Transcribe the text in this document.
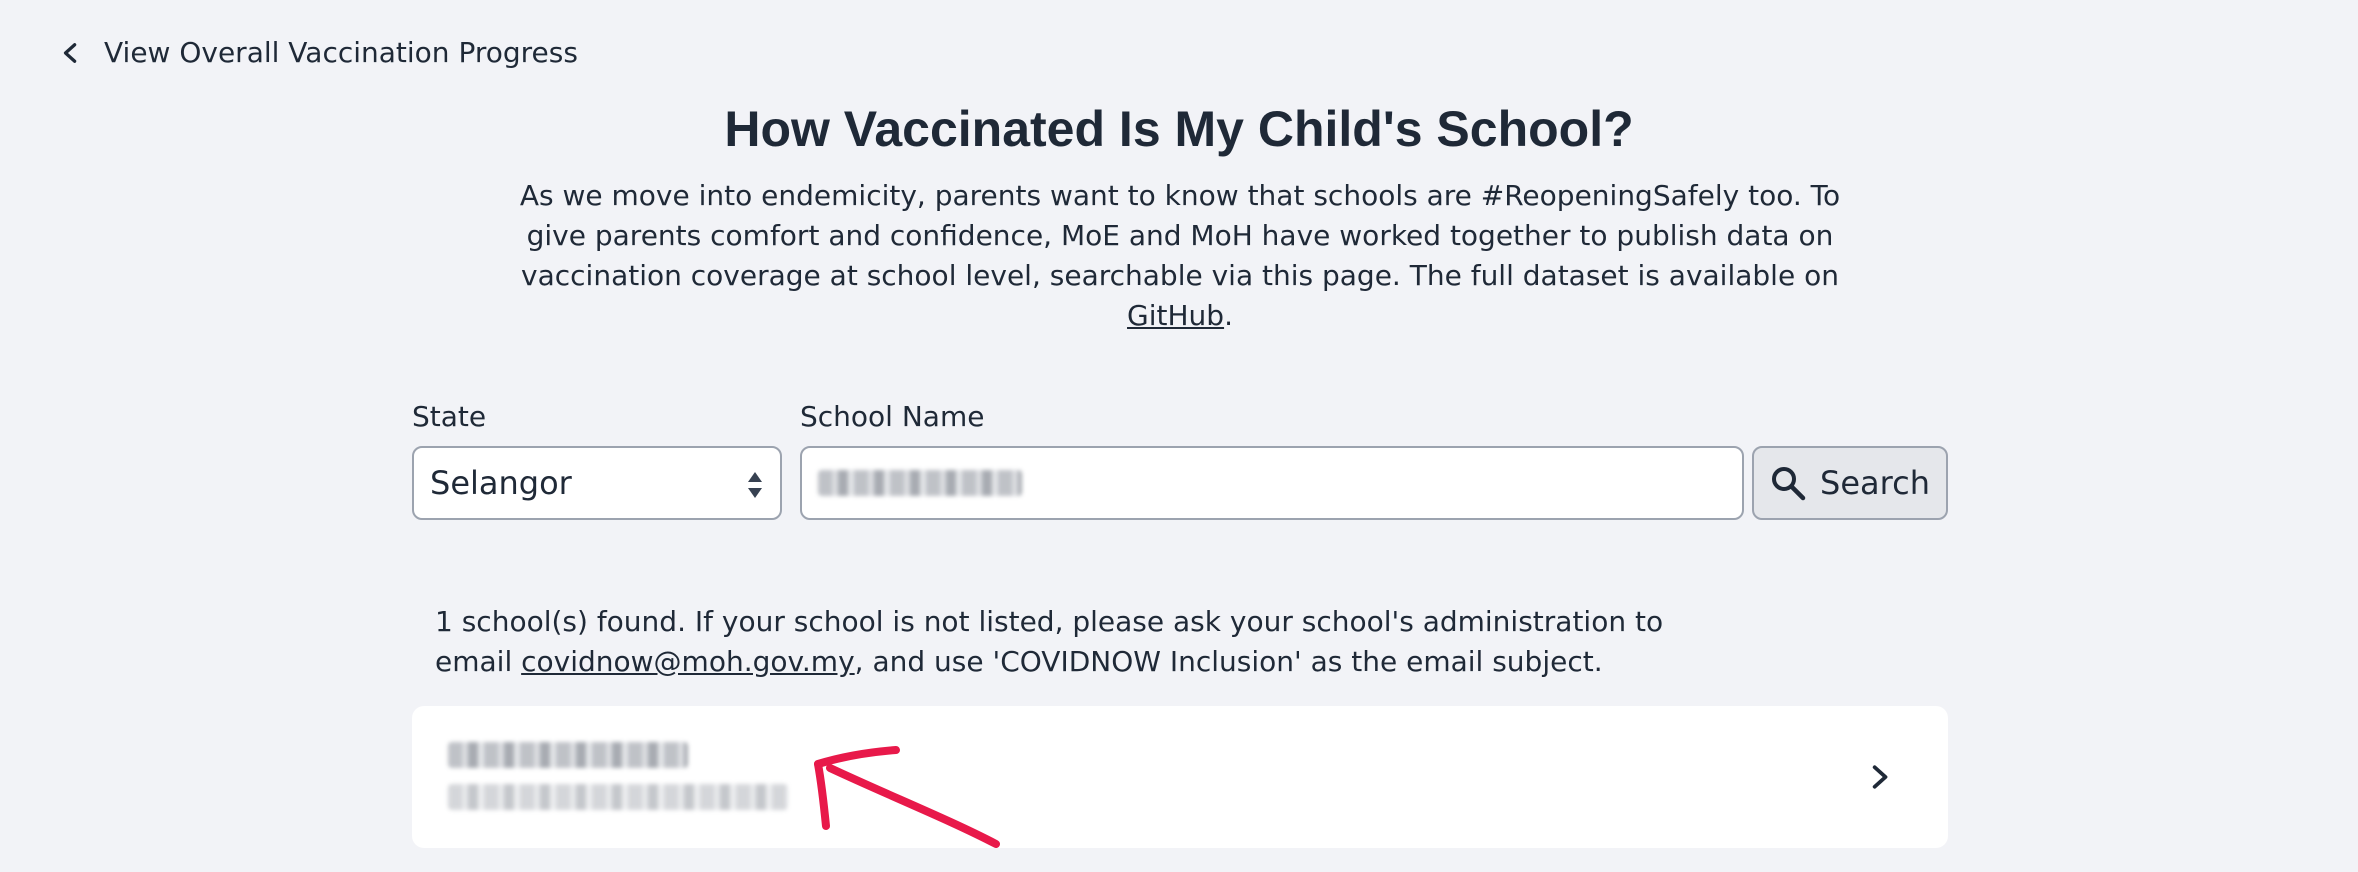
View Overall Vaccination Progress
How Vaccinated Is My Child's School?

As we move into endemicity, parents want to know that schools are #ReopeningSafely too. To give parents comfort and confidence, MoE and MoH have worked together to publish data on vaccination coverage at school level, searchable via this page. The full dataset is available on GitHub.

State	School Name
Selangor	Search

1 school(s) found. If your school is not listed, please ask your school's administration to email covidnow@moh.gov.my, and use 'COVIDNOW Inclusion' as the email subject.
